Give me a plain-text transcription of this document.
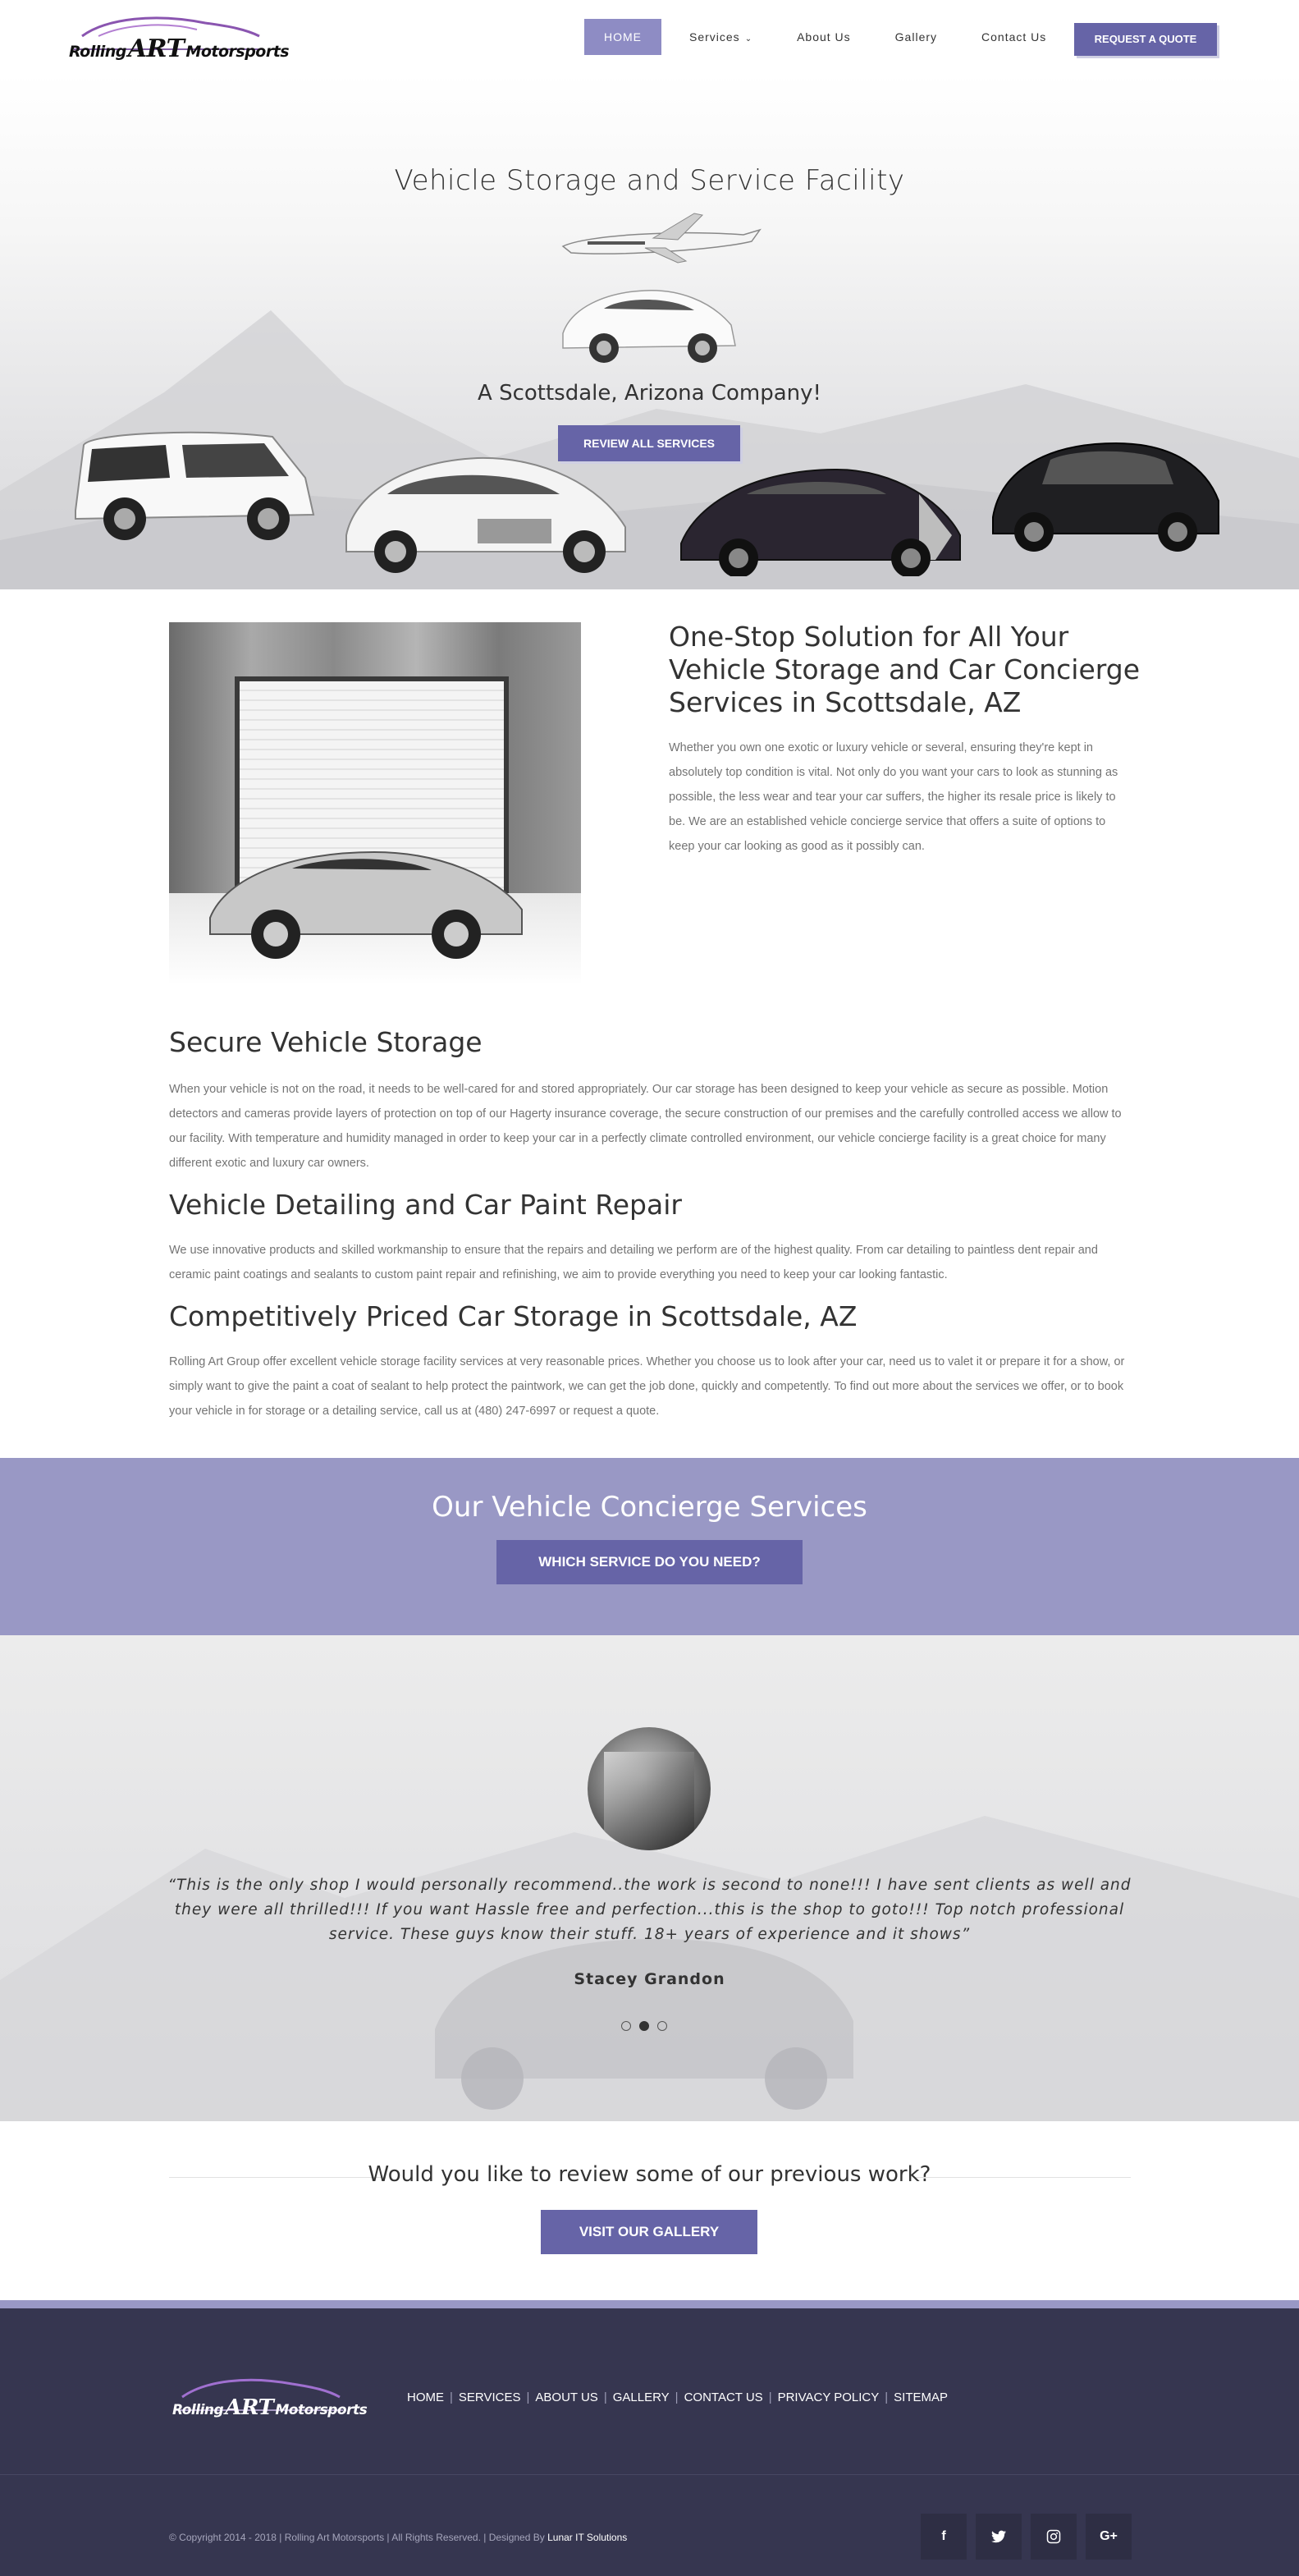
RollingART Motorsports
HOME	Services ⌄	About Us	Gallery	Contact Us	REQUEST A QUOTE
Vehicle Storage and Service Facility
A Scottsdale, Arizona Company!
REVIEW ALL SERVICES
One-Stop Solution for All Your Vehicle Storage and Car Concierge Services in Scottsdale, AZ
Whether you own one exotic or luxury vehicle or several, ensuring they're kept in absolutely top condition is vital. Not only do you want your cars to look as stunning as possible, the less wear and tear your car suffers, the higher its resale price is likely to be. We are an established vehicle concierge service that offers a suite of options to keep your car looking as good as it possibly can.
Secure Vehicle Storage
When your vehicle is not on the road, it needs to be well-cared for and stored appropriately. Our car storage has been designed to keep your vehicle as secure as possible. Motion detectors and cameras provide layers of protection on top of our Hagerty insurance coverage, the secure construction of our premises and the carefully controlled access we allow to our facility. With temperature and humidity managed in order to keep your car in a perfectly climate controlled environment, our vehicle concierge facility is a great choice for many different exotic and luxury car owners.
Vehicle Detailing and Car Paint Repair
We use innovative products and skilled workmanship to ensure that the repairs and detailing we perform are of the highest quality. From car detailing to paintless dent repair and ceramic paint coatings and sealants to custom paint repair and refinishing, we aim to provide everything you need to keep your car looking fantastic.
Competitively Priced Car Storage in Scottsdale, AZ
Rolling Art Group offer excellent vehicle storage facility services at very reasonable prices. Whether you choose us to look after your car, need us to valet it or prepare it for a show, or simply want to give the paint a coat of sealant to help protect the paintwork, we can get the job done, quickly and competently. To find out more about the services we offer, or to book your vehicle in for storage or a detailing service, call us at (480) 247-6997 or request a quote.
Our Vehicle Concierge Services
WHICH SERVICE DO YOU NEED?
“This is the only shop I would personally recommend..the work is second to none!!! I have sent clients as well and they were all thrilled!!! If you want Hassle free and perfection...this is the shop to goto!!! Top notch professional service. These guys know their stuff. 18+ years of experience and it shows”
Stacey Grandon
Would you like to review some of our previous work?
VISIT OUR GALLERY
RollingART Motorsports
HOME | SERVICES | ABOUT US | GALLERY | CONTACT US | PRIVACY POLICY | SITEMAP
© Copyright 2014 - 2018 | Rolling Art Motorsports | All Rights Reserved. | Designed By Lunar IT Solutions	f	G+
